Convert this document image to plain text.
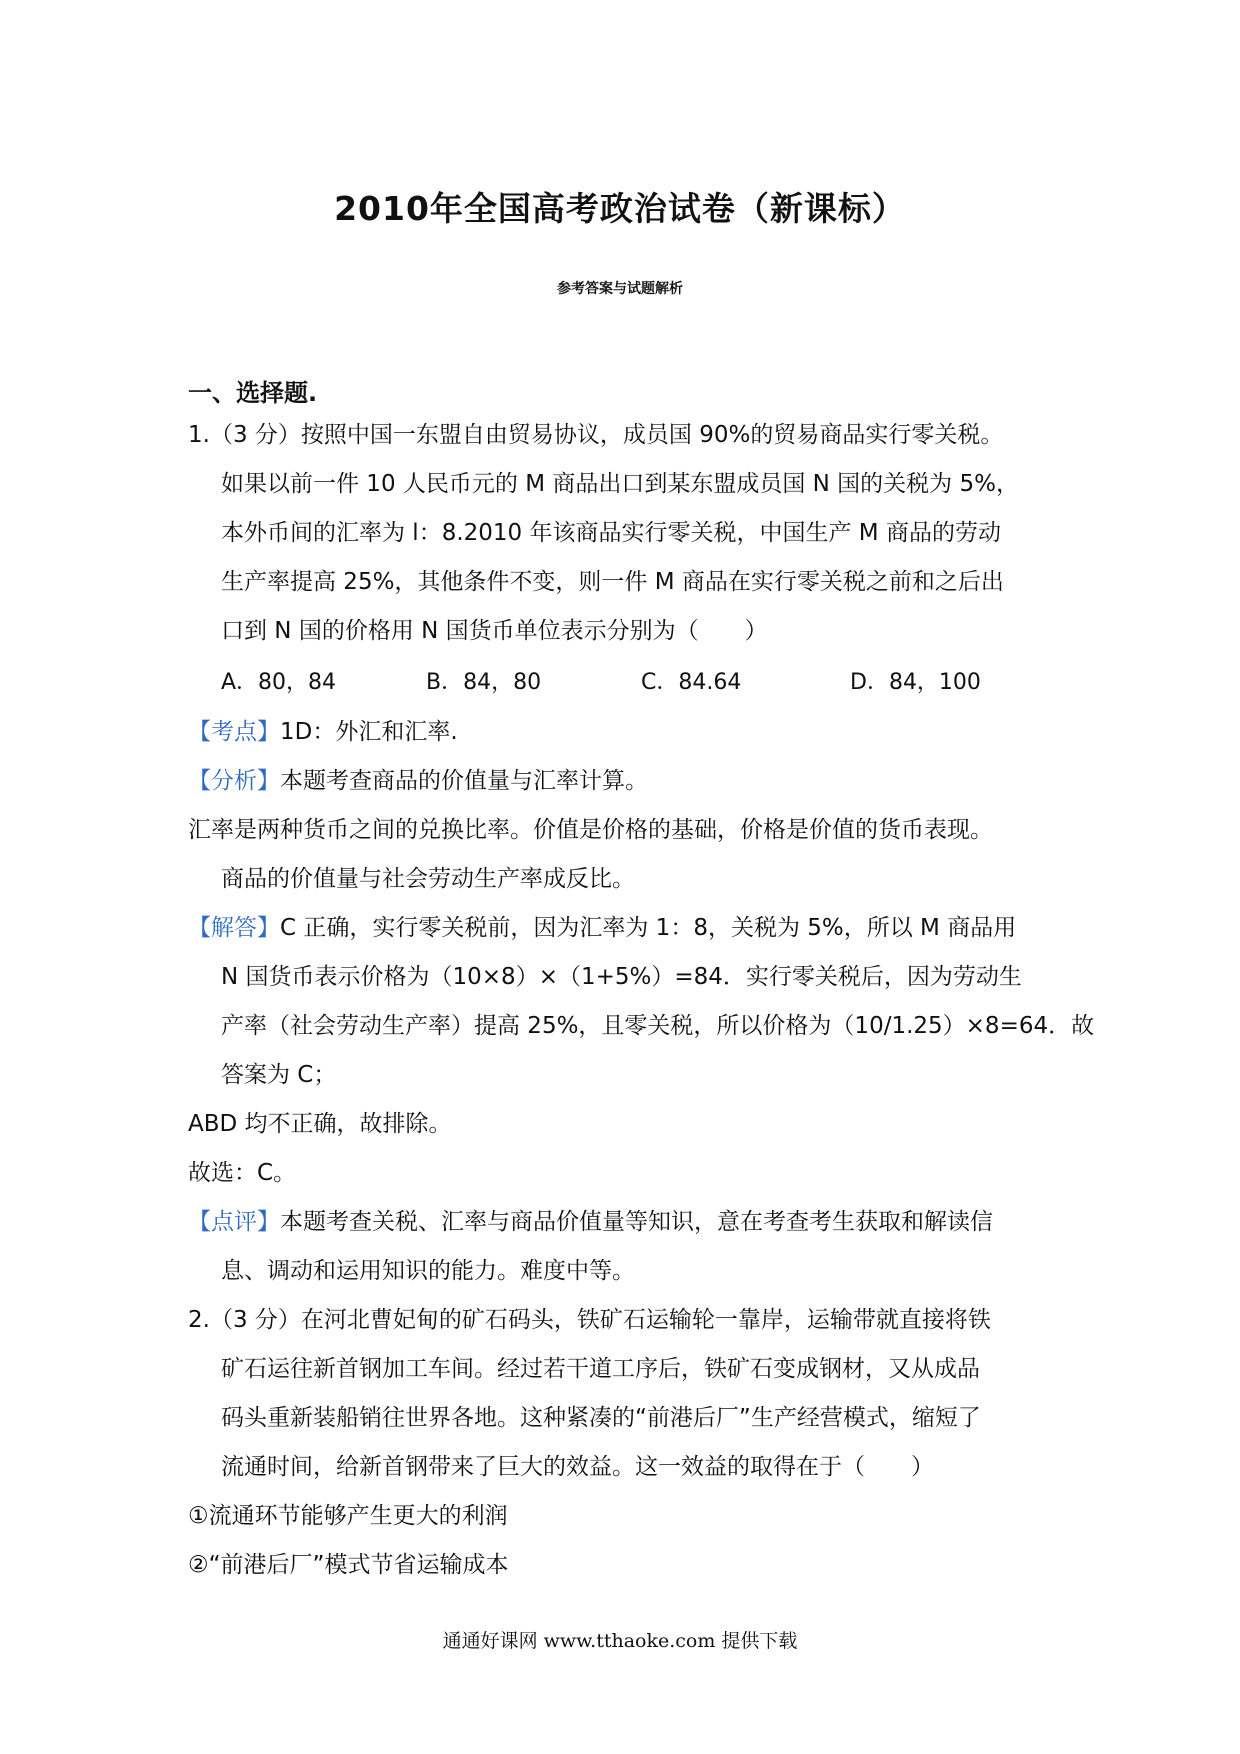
2010年全国高考政治试卷（新课标）
参考答案与试题解析
一、选择题.
1.（3 分）按照中国一东盟自由贸易协议，成员国 90%的贸易商品实行零关税。
如果以前一件 10 人民币元的 M 商品出口到某东盟成员国 N 国的关税为 5%，
本外币间的汇率为 l：8.2010 年该商品实行零关税，中国生产 M 商品的劳动
生产率提高 25%，其他条件不变，则一件 M 商品在实行零关税之前和之后出
口到 N 国的价格用 N 国货币单位表示分别为（　　）
A．80，84	B．84，80	C．84.64	D．84，100
【考点】1D：外汇和汇率.
【分析】本题考查商品的价值量与汇率计算。
汇率是两种货币之间的兑换比率。价值是价格的基础，价格是价值的货币表现。
商品的价值量与社会劳动生产率成反比。
【解答】C 正确，实行零关税前，因为汇率为 1：8，关税为 5%，所以 M 商品用
N 国货币表示价格为（10×8）×（1+5%）=84．实行零关税后，因为劳动生
产率（社会劳动生产率）提高 25%，且零关税，所以价格为（10/1.25）×8=64．故
答案为 C；
ABD 均不正确，故排除。
故选：C。
【点评】本题考查关税、汇率与商品价值量等知识，意在考查考生获取和解读信
息、调动和运用知识的能力。难度中等。
2.（3 分）在河北曹妃甸的矿石码头，铁矿石运输轮一靠岸，运输带就直接将铁
矿石运往新首钢加工车间。经过若干道工序后，铁矿石变成钢材，又从成品
码头重新装船销往世界各地。这种紧凑的“前港后厂”生产经营模式，缩短了
流通时间，给新首钢带来了巨大的效益。这一效益的取得在于（　　）
①流通环节能够产生更大的利润
②“前港后厂”模式节省运输成本
通通好课网 www.tthaoke.com 提供下载
